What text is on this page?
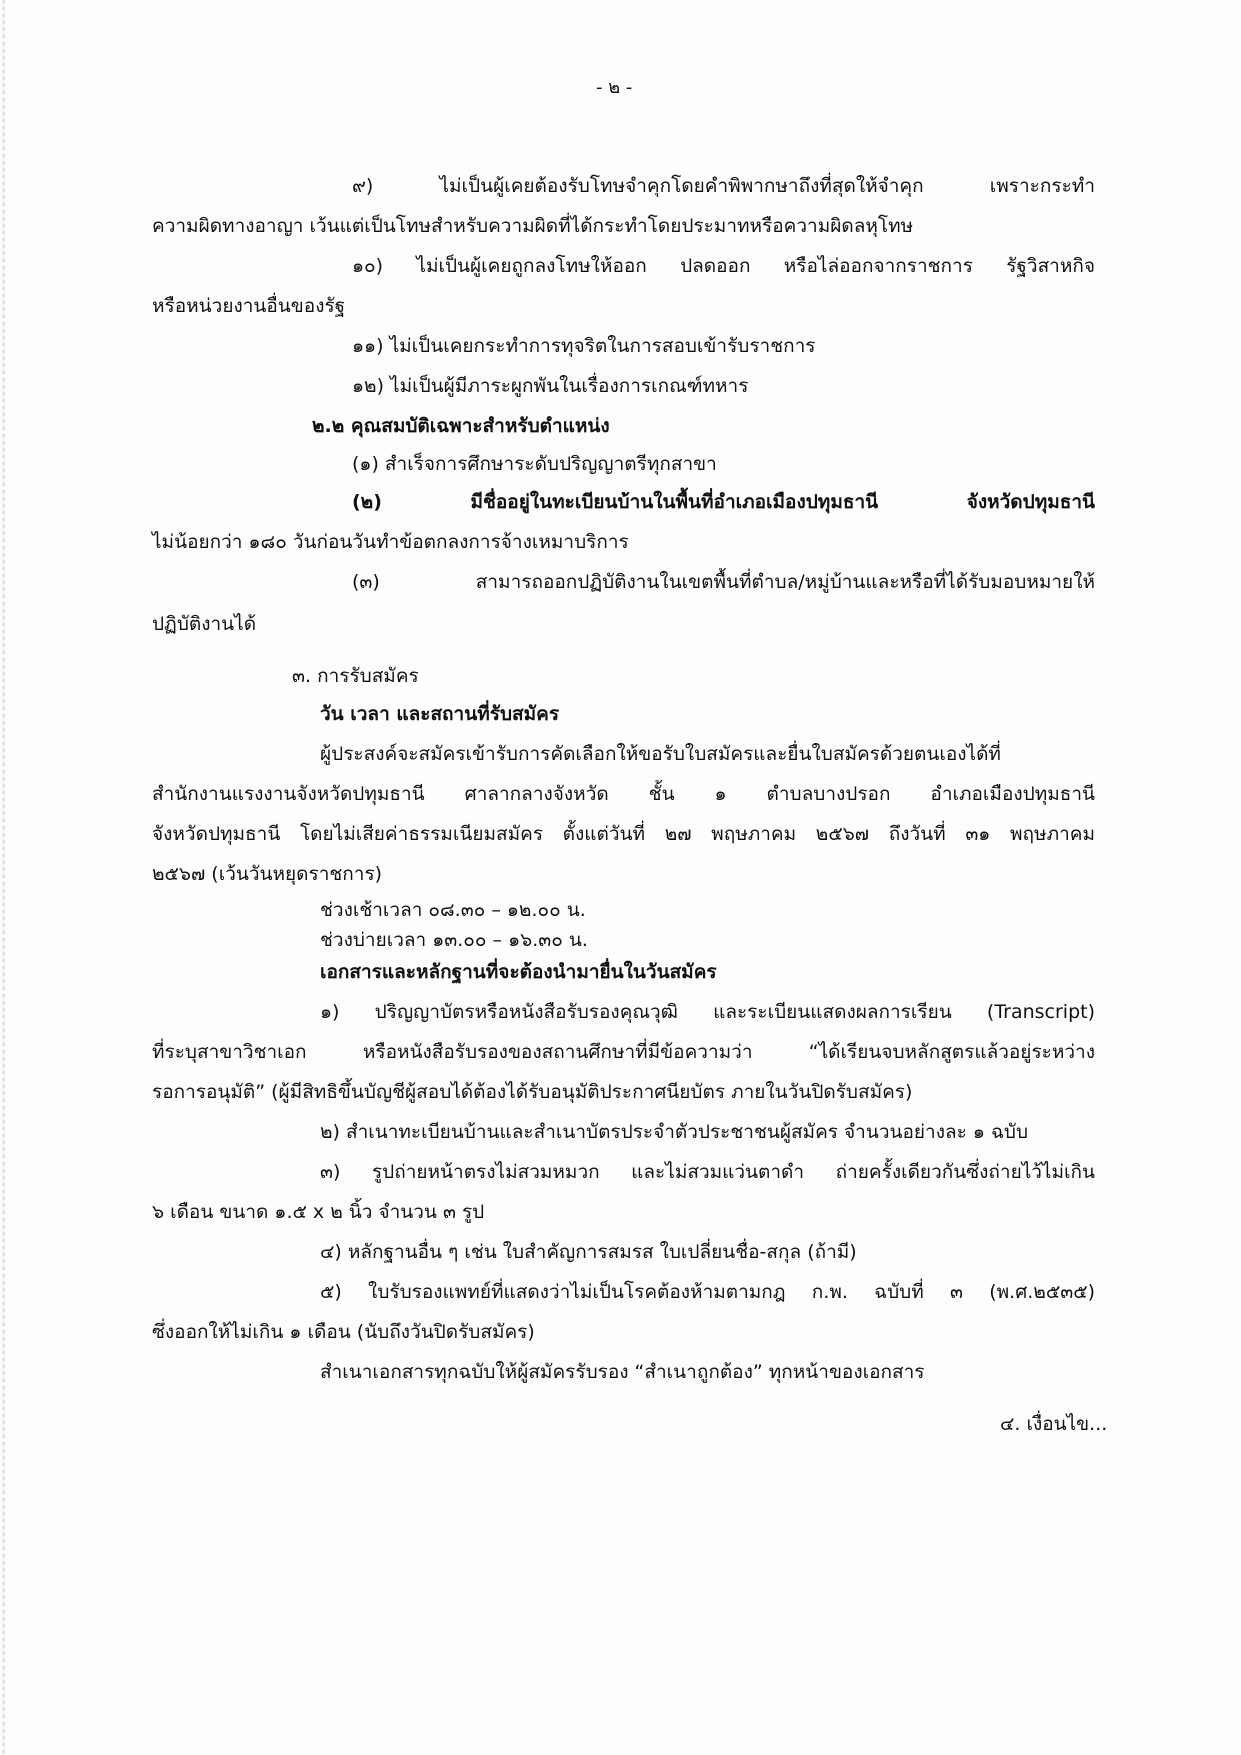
- ๒ -
๙) ไม่เป็นผู้เคยต้องรับโทษจำคุกโดยคำพิพากษาถึงที่สุดให้จำคุก เพราะกระทำ
ความผิดทางอาญา เว้นแต่เป็นโทษสำหรับความผิดที่ได้กระทำโดยประมาทหรือความผิดลหุโทษ
๑๐) ไม่เป็นผู้เคยถูกลงโทษให้ออก ปลดออก หรือไล่ออกจากราชการ รัฐวิสาหกิจ
หรือหน่วยงานอื่นของรัฐ
๑๑) ไม่เป็นเคยกระทำการทุจริตในการสอบเข้ารับราชการ
๑๒) ไม่เป็นผู้มีภาระผูกพันในเรื่องการเกณฑ์ทหาร
๒.๒ คุณสมบัติเฉพาะสำหรับตำแหน่ง
(๑) สำเร็จการศึกษาระดับปริญญาตรีทุกสาขา
(๒) มีชื่ออยู่ในทะเบียนบ้านในพื้นที่อำเภอเมืองปทุมธานี จังหวัดปทุมธานี
ไม่น้อยกว่า ๑๘๐ วันก่อนวันทำข้อตกลงการจ้างเหมาบริการ
(๓) สามารถออกปฏิบัติงานในเขตพื้นที่ตำบล/หมู่บ้านและหรือที่ได้รับมอบหมายให้
ปฏิบัติงานได้
๓. การรับสมัคร
วัน เวลา และสถานที่รับสมัคร
ผู้ประสงค์จะสมัครเข้ารับการคัดเลือกให้ขอรับใบสมัครและยื่นใบสมัครด้วยตนเองได้ที่
สำนักงานแรงงานจังหวัดปทุมธานี ศาลากลางจังหวัด ชั้น ๑ ตำบลบางปรอก อำเภอเมืองปทุมธานี
จังหวัดปทุมธานี โดยไม่เสียค่าธรรมเนียมสมัคร ตั้งแต่วันที่ ๒๗ พฤษภาคม ๒๕๖๗ ถึงวันที่ ๓๑ พฤษภาคม
๒๕๖๗ (เว้นวันหยุดราชการ)
ช่วงเช้าเวลา ๐๘.๓๐ – ๑๒.๐๐ น.
ช่วงบ่ายเวลา ๑๓.๐๐ – ๑๖.๓๐ น.
เอกสารและหลักฐานที่จะต้องนำมายื่นในวันสมัคร
๑) ปริญญาบัตรหรือหนังสือรับรองคุณวุฒิ และระเบียนแสดงผลการเรียน (Transcript)
ที่ระบุสาขาวิชาเอก หรือหนังสือรับรองของสถานศึกษาที่มีข้อความว่า “ได้เรียนจบหลักสูตรแล้วอยู่ระหว่าง
รอการอนุมัติ” (ผู้มีสิทธิขึ้นบัญชีผู้สอบได้ต้องได้รับอนุมัติประกาศนียบัตร ภายในวันปิดรับสมัคร)
๒) สำเนาทะเบียนบ้านและสำเนาบัตรประจำตัวประชาชนผู้สมัคร จำนวนอย่างละ ๑ ฉบับ
๓) รูปถ่ายหน้าตรงไม่สวมหมวก และไม่สวมแว่นตาดำ ถ่ายครั้งเดียวกันซึ่งถ่ายไว้ไม่เกิน
๖ เดือน ขนาด ๑.๕ x ๒ นิ้ว จำนวน ๓ รูป
๔) หลักฐานอื่น ๆ เช่น ใบสำคัญการสมรส ใบเปลี่ยนชื่อ-สกุล (ถ้ามี)
๕) ใบรับรองแพทย์ที่แสดงว่าไม่เป็นโรคต้องห้ามตามกฎ ก.พ. ฉบับที่ ๓ (พ.ศ.๒๕๓๕)
ซึ่งออกให้ไม่เกิน ๑ เดือน (นับถึงวันปิดรับสมัคร)
สำเนาเอกสารทุกฉบับให้ผู้สมัครรับรอง “สำเนาถูกต้อง” ทุกหน้าของเอกสาร
๔. เงื่อนไข...
